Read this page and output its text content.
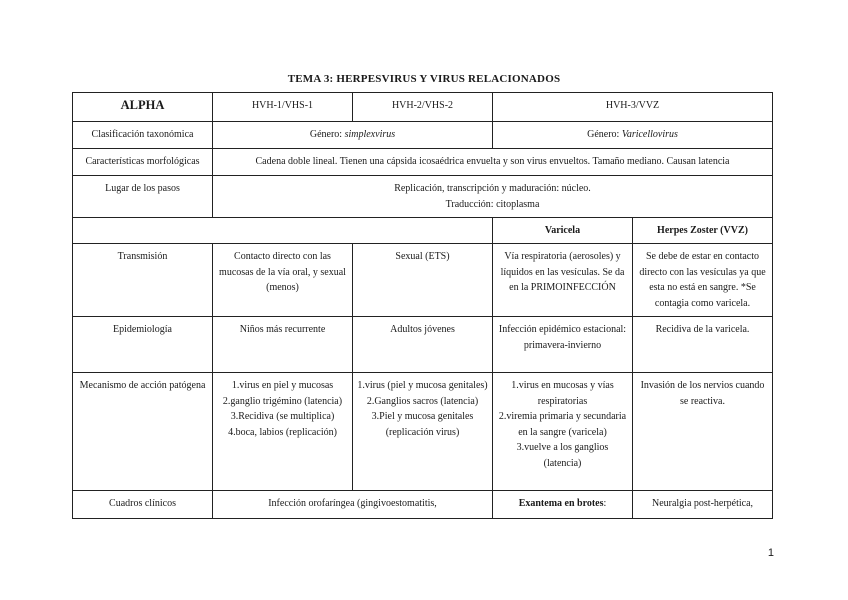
TEMA 3: HERPESVIRUS Y VIRUS RELACIONADOS
ALPHA	HVH-1/VHS-1	HVH-2/VHS-2	HVH-3/VVZ	
Clasificación taxonómica	Género: simplexvirus		Género: Varicellovirus	
Características morfológicas	Cadena doble lineal. Tienen una cápsida icosaédrica envuelta y son virus envueltos. Tamaño mediano. Causan latencia			
Lugar de los pasos	Replicación, transcripción y maduración: núcleo.
Traducción: citoplasma			

			Varicela	Herpes Zoster (VVZ)
Transmisión	Contacto directo con las mucosas de la vía oral, y sexual (menos)	Sexual (ETS)	Vía respiratoria (aerosoles) y líquidos en las vesículas. Se da en la PRIMOINFECCIÓN	Se debe de estar en contacto directo con las vesículas ya que esta no está en sangre. *Se contagia como varicela.
Epidemiología	Niños más recurrente	Adultos jóvenes	Infección epidémico estacional: primavera-invierno	Recidiva de la varicela.
Mecanismo de acción patógena	1.virus en piel y mucosas
2.ganglio trigémino (latencia)
3.Recidiva (se multiplica)
4.boca, labios (replicación)	1.virus (piel y mucosa genitales)
2.Ganglios sacros (latencia)
3.Piel y mucosa genitales (replicación virus)	1.virus en mucosas y vías respiratorias
2.viremia primaria y secundaria en la sangre (varicela)
3.vuelve a los ganglios (latencia)	Invasión de los nervios cuando se reactiva.
Cuadros clínicos	Infección orofaríngea (gingivoestomatitis,		Exantema en brotes:	Neuralgia post-herpética,
1
